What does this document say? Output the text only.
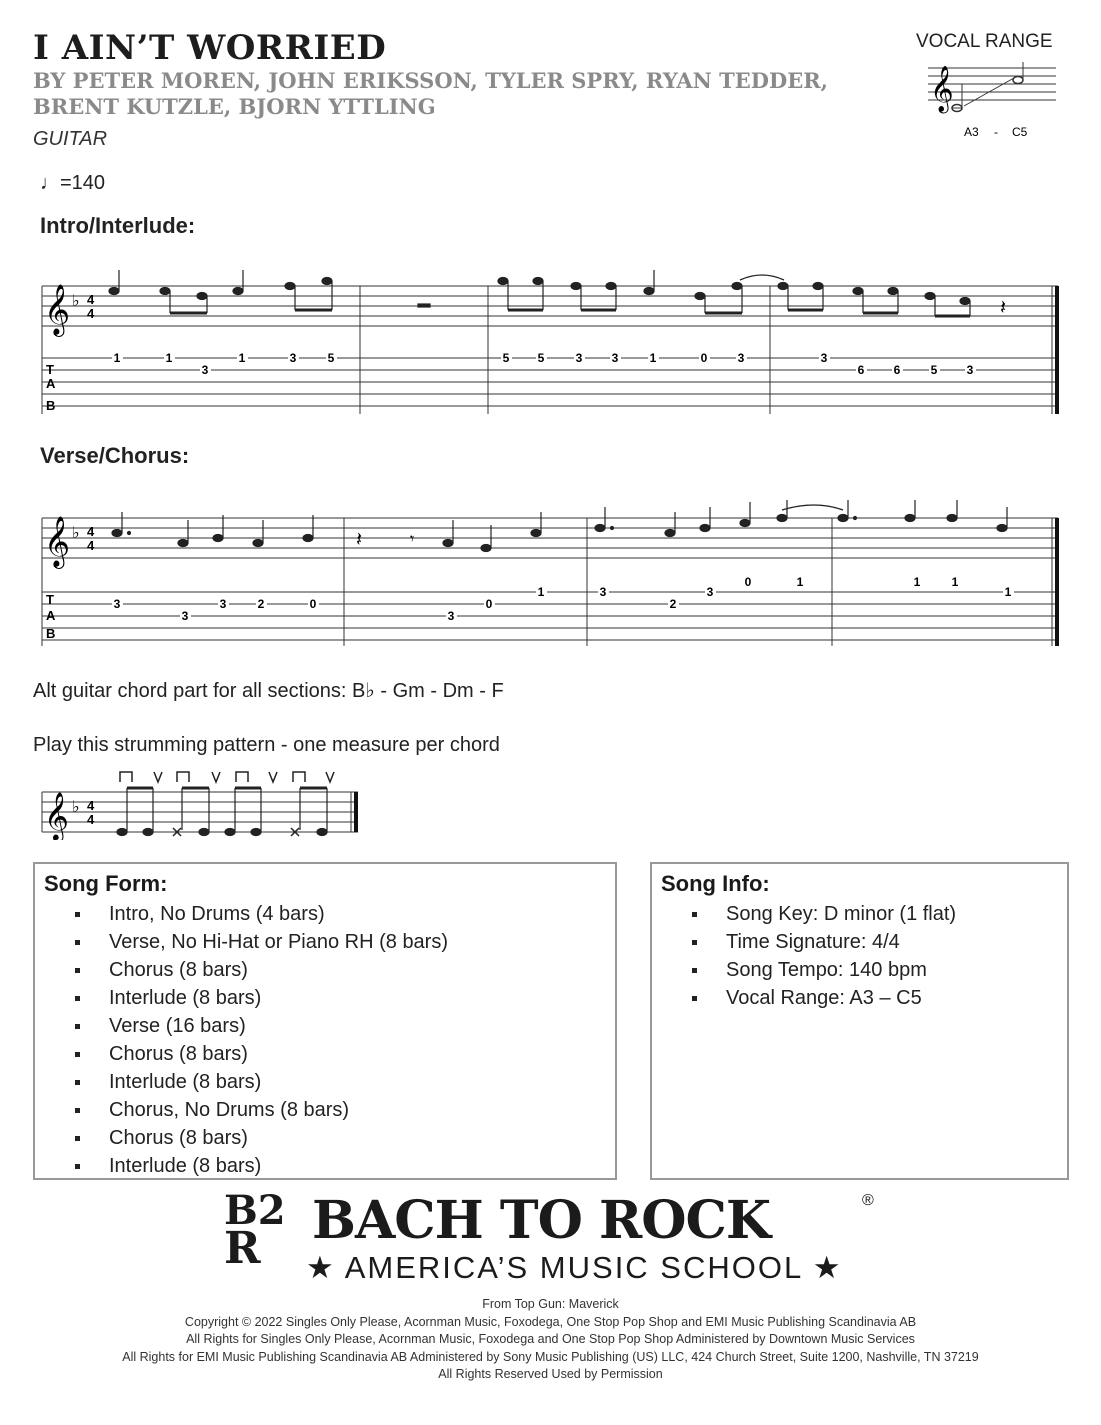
I AIN’T WORRIED
BY PETER MOREN, JOHN ERIKSSON, TYLER SPRY, RYAN TEDDER, BRENT KUTZLE, BJORN YTTLING
GUITAR
♩=140
VOCAL RANGE
𝄞
A3 - C5
Intro/Interlude:
𝄞 ♭ 4
4	𝄽
T
A
B
1	1
3
1	3	5	5 5	3 3	1	0	3	3
6 6	5 3
Verse/Chorus:
𝄞 ♭ 4
4	𝄽	𝄾
T
A
B
3
3
3	2	0
3
0
1	3
2
3
0	1	1	1
1
Alt guitar chord part for all sections: B♭ - Gm - Dm - F
Play this strumming pattern - one measure per chord
𝄞 ♭ 4
4
Song Form:
Intro, No Drums (4 bars)
Verse, No Hi-Hat or Piano RH (8 bars)
Chorus (8 bars)
Interlude (8 bars)
Verse (16 bars)
Chorus (8 bars)
Interlude (8 bars)
Chorus, No Drums (8 bars)
Chorus (8 bars)
Interlude (8 bars)
Song Info:
Song Key: D minor (1 flat)
Time Signature: 4/4
Song Tempo: 140 bpm
Vocal Range: A3 – C5
B2
R BACH TO ROCK	®
★ AMERICA’S MUSIC SCHOOL ★
From Top Gun: Maverick
Copyright © 2022 Singles Only Please, Acornman Music, Foxodega, One Stop Pop Shop and EMI Music Publishing Scandinavia AB
All Rights for Singles Only Please, Acornman Music, Foxodega and One Stop Pop Shop Administered by Downtown Music Services
All Rights for EMI Music Publishing Scandinavia AB Administered by Sony Music Publishing (US) LLC, 424 Church Street, Suite 1200, Nashville, TN 37219
All Rights Reserved Used by Permission
